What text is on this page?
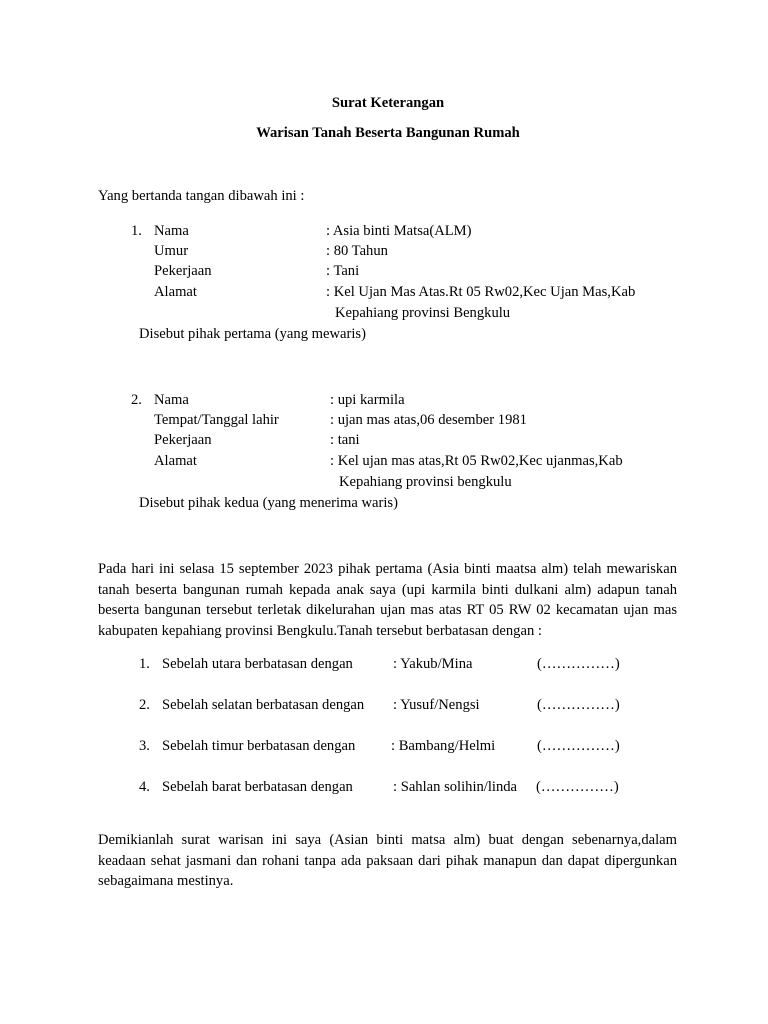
Surat Keterangan
Warisan Tanah Beserta Bangunan Rumah
Yang bertanda tangan dibawah ini :
1. Nama	: Asia binti Matsa(ALM)
Umur	: 80 Tahun
Pekerjaan	: Tani
Alamat	: Kel Ujan Mas Atas.Rt 05 Rw02,Kec Ujan Mas,Kab
Kepahiang provinsi Bengkulu
Disebut pihak pertama (yang mewaris)
2. Nama	: upi karmila
Tempat/Tanggal lahir	: ujan mas atas,06 desember 1981
Pekerjaan	: tani
Alamat	: Kel ujan mas atas,Rt 05 Rw02,Kec ujanmas,Kab
Kepahiang provinsi bengkulu
Disebut pihak kedua (yang menerima waris)
Pada hari ini selasa 15 september 2023 pihak pertama (Asia binti maatsa alm) telah mewariskan tanah beserta bangunan rumah kepada anak saya (upi karmila binti dulkani alm) adapun tanah beserta bangunan tersebut terletak dikelurahan ujan mas atas RT 05 RW 02 kecamatan ujan mas kabupaten kepahiang provinsi Bengkulu.Tanah tersebut berbatasan dengan :
1. Sebelah utara berbatasan dengan	: Yakub/Mina	(……………)
2. Sebelah selatan berbatasan dengan : Yusuf/Nengsi	(……………)
3. Sebelah timur berbatasan dengan : Bambang/Helmi	(……………)
4. Sebelah barat berbatasan dengan	: Sahlan solihin/linda (……………)
Demikianlah surat warisan ini saya (Asian binti matsa alm) buat dengan sebenarnya,dalam keadaan sehat jasmani dan rohani tanpa ada paksaan dari pihak manapun dan dapat dipergunkan sebagaimana mestinya.
